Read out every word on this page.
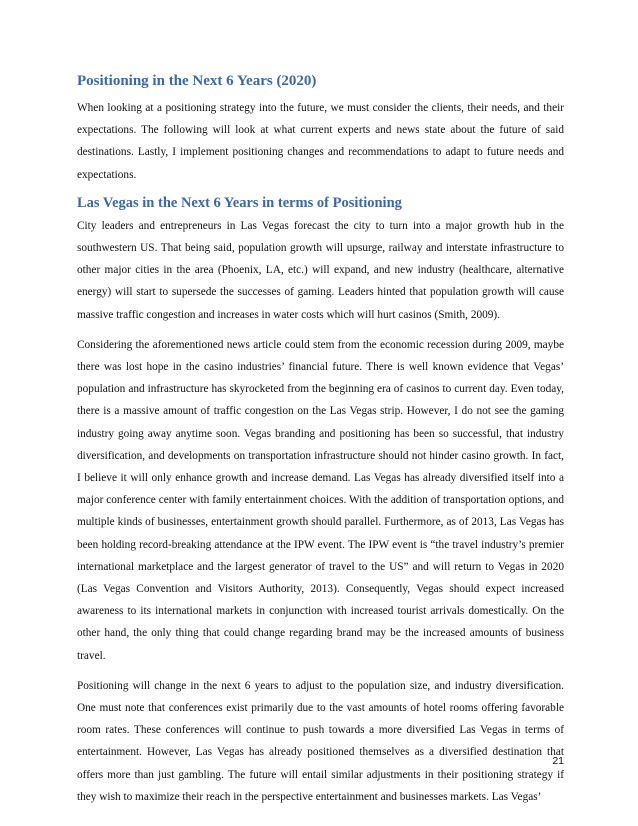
Positioning in the Next 6 Years (2020)

When looking at a positioning strategy into the future, we must consider the clients, their needs, and their expectations. The following will look at what current experts and news state about the future of said destinations. Lastly, I implement positioning changes and recommendations to adapt to future needs and expectations.

Las Vegas in the Next 6 Years in terms of Positioning

City leaders and entrepreneurs in Las Vegas forecast the city to turn into a major growth hub in the southwestern US. That being said, population growth will upsurge, railway and interstate infrastructure to other major cities in the area (Phoenix, LA, etc.) will expand, and new industry (healthcare, alternative energy) will start to supersede the successes of gaming. Leaders hinted that population growth will cause massive traffic congestion and increases in water costs which will hurt casinos (Smith, 2009).

Considering the aforementioned news article could stem from the economic recession during 2009, maybe there was lost hope in the casino industries’ financial future. There is well known evidence that Vegas’ population and infrastructure has skyrocketed from the beginning era of casinos to current day. Even today, there is a massive amount of traffic congestion on the Las Vegas strip. However, I do not see the gaming industry going away anytime soon. Vegas branding and positioning has been so successful, that industry diversification, and developments on transportation infrastructure should not hinder casino growth. In fact, I believe it will only enhance growth and increase demand. Las Vegas has already diversified itself into a major conference center with family entertainment choices. With the addition of transportation options, and multiple kinds of businesses, entertainment growth should parallel. Furthermore, as of 2013, Las Vegas has been holding record-breaking attendance at the IPW event. The IPW event is “the travel industry’s premier international marketplace and the largest generator of travel to the US” and will return to Vegas in 2020 (Las Vegas Convention and Visitors Authority, 2013). Consequently, Vegas should expect increased awareness to its international markets in conjunction with increased tourist arrivals domestically. On the other hand, the only thing that could change regarding brand may be the increased amounts of business travel.

Positioning will change in the next 6 years to adjust to the population size, and industry diversification. One must note that conferences exist primarily due to the vast amounts of hotel rooms offering favorable room rates. These conferences will continue to push towards a more diversified Las Vegas in terms of entertainment. However, Las Vegas has already positioned themselves as a diversified destination that offers more than just gambling. The future will entail similar adjustments in their positioning strategy if they wish to maximize their reach in the perspective entertainment and businesses markets. Las Vegas’

21
